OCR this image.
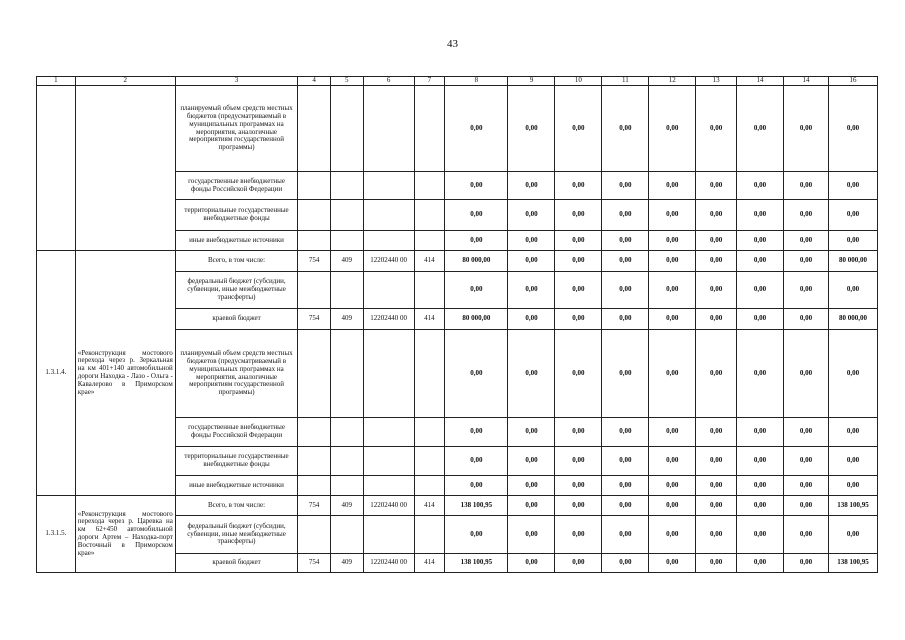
43
1	2	3	4	5	6	7	8	9	10	11	12	13	14	14	16
		планируемый объем средств местных бюджетов (предусматриваемый в муниципальных программах на мероприятия, аналогичные мероприятиям государственной программы)					0,00	0,00	0,00	0,00	0,00	0,00	0,00	0,00	0,00
		государственные внебюджетные фонды Российской Федерации					0,00	0,00	0,00	0,00	0,00	0,00	0,00	0,00	0,00
		территориальные государственные внебюджетные фонды					0,00	0,00	0,00	0,00	0,00	0,00	0,00	0,00	0,00
		иные внебюджетные источники					0,00	0,00	0,00	0,00	0,00	0,00	0,00	0,00	0,00
1.3.1.4.	«Реконструкция мостового перехода через р. Зеркальная на км 401+140 автомобильной дороги Находка - Лазо - Ольга - Кавалерово в Приморском крае»	Всего, в том числе:	754	409	12202440 00	414	80 000,00	0,00	0,00	0,00	0,00	0,00	0,00	0,00	80 000,00
		федеральный бюджет (субсидии, субвенции, иные межбюджетные трансферты)					0,00	0,00	0,00	0,00	0,00	0,00	0,00	0,00	0,00
		краевой бюджет	754	409	12202440 00	414	80 000,00	0,00	0,00	0,00	0,00	0,00	0,00	0,00	80 000,00
		планируемый объем средств местных бюджетов (предусматриваемый в муниципальных программах на мероприятия, аналогичные мероприятиям государственной программы)					0,00	0,00	0,00	0,00	0,00	0,00	0,00	0,00	0,00
		государственные внебюджетные фонды Российской Федерации					0,00	0,00	0,00	0,00	0,00	0,00	0,00	0,00	0,00
		территориальные государственные внебюджетные фонды					0,00	0,00	0,00	0,00	0,00	0,00	0,00	0,00	0,00
		иные внебюджетные источники					0,00	0,00	0,00	0,00	0,00	0,00	0,00	0,00	0,00
1.3.1.5.	«Реконструкция мостового перехода через р. Царевка на км 62+450 автомобильной дороги Артем – Находка-порт Восточный в Приморском крае»	Всего, в том числе:	754	409	12202440 00	414	138 100,95	0,00	0,00	0,00	0,00	0,00	0,00	0,00	138 100,95
		федеральный бюджет (субсидии, субвенции, иные межбюджетные трансферты)					0,00	0,00	0,00	0,00	0,00	0,00	0,00	0,00	0,00
		краевой бюджет	754	409	12202440 00	414	138 100,95	0,00	0,00	0,00	0,00	0,00	0,00	0,00	138 100,95
